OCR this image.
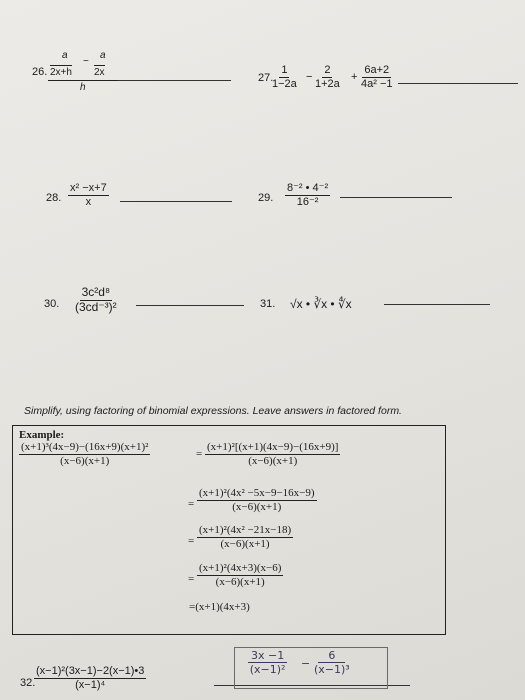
26.
a	a
2x+h
−
2x
h
27.
$\frac{1}{1-2a} - \frac{2}{1+2a} + \frac{6a+2}{\text{4a² −1}}$
28. $\frac{\text{x² −x+7}}{x}$	29. $\frac{\text{8⁻² • 4⁻²}}{\text{16⁻²}}$
30. $\frac{\text{3c²d⁸}}{\text{(3cd⁻³)²}}$	31. √x • ∛x • ∜x
Simplify, using factoring of binomial expressions. Leave answers in factored form.
Example:
$\frac{\text{(x+1)³(4x−9)−(16x+9)(x+1)²}}{(x-6)(x+1)}$	= $\frac{\text{(x+1)²[(x+1)(4x−9)−(16x+9)]}}{(x-6)(x+1)}$
= $\frac{\text{(x+1)²(4x² −5x−9−16x−9)}}{(x-6)(x+1)}$
= $\frac{\text{(x+1)²(4x² −21x−18)}}{(x-6)(x+1)}$
= $\frac{\text{(x+1)²(4x+3)(x−6)}}{(x-6)(x+1)}$
=(x+1)(4x+3)
32.
$\frac{\text{(x−1)²(3x−1)−2(x−1)•3}}{\text{(x−1)⁴}}$
$\frac{3x -1}{\text{(x−1)²}} - \frac{6}{\text{(x−1)³}}$
